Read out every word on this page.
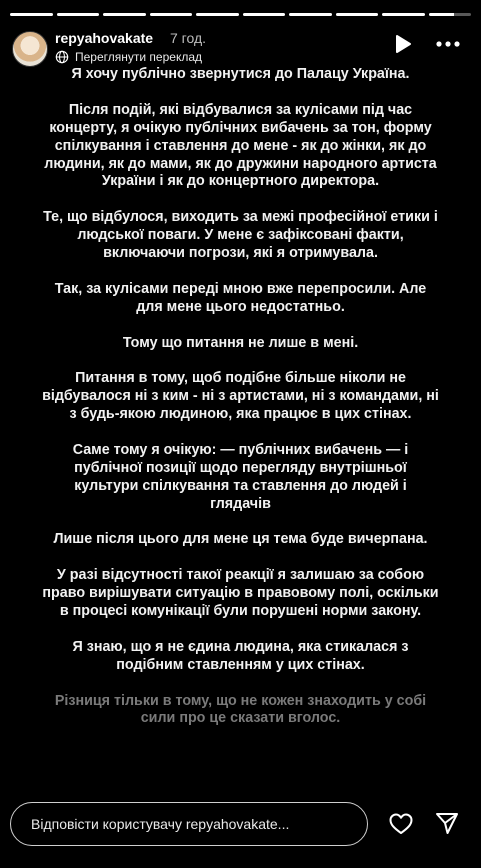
repyahovakate 7 год.
Переглянути переклад

Я хочу публічно звернутися до Палацу Україна.

Після подій, які відбувалися за кулісами під час концерту, я очікую публічних вибачень за тон, форму спілкування і ставлення до мене - як до жінки, як до людини, як до мами, як до дружини народного артиста України і як до концертного директора.

Те, що відбулося, виходить за межі професійної етики і людської поваги. У мене є зафіксовані факти, включаючи погрози, які я отримувала.

Так, за кулісами переді мною вже перепросили. Але для мене цього недостатньо.

Тому що питання не лише в мені.

Питання в тому, щоб подібне більше ніколи не відбувалося ні з ким - ні з артистами, ні з командами, ні з будь-якою людиною, яка працює в цих стінах.

Саме тому я очікую: — публічних вибачень — і публічної позиції щодо перегляду внутрішньої культури спілкування та ставлення до людей і глядачів

Лише після цього для мене ця тема буде вичерпана.

У разі відсутності такої реакції я залишаю за собою право вирішувати ситуацію в правовому полі, оскільки в процесі комунікації були порушені норми закону.

Я знаю, що я не єдина людина, яка стикалася з подібним ставленням у цих стінах.

Різниця тільки в тому, що не кожен знаходить у собі сили про це сказати вголос.

Відповісти користувачу repyahovakate...
